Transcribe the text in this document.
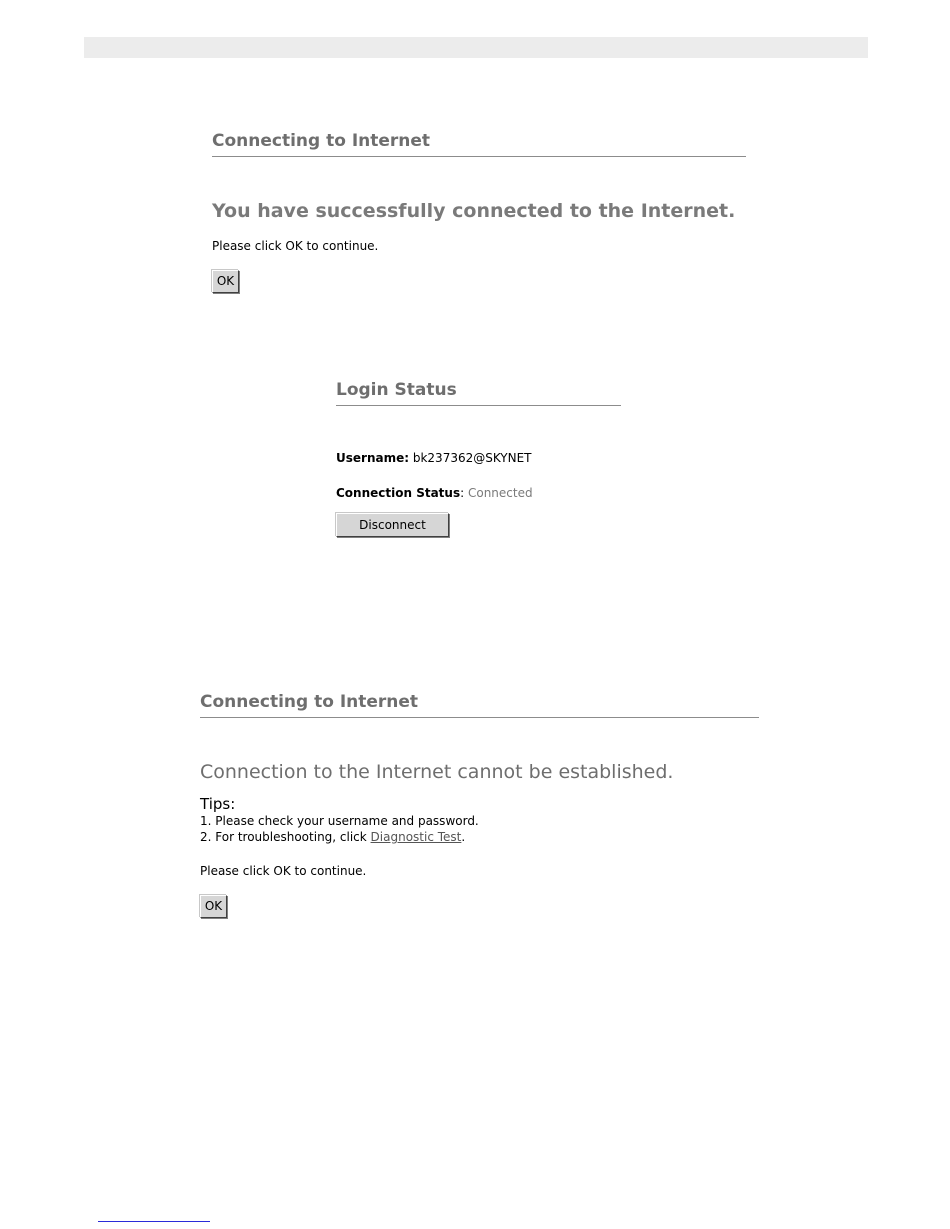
Connecting to Internet
You have successfully connected to the Internet.
Please click OK to continue.
OK
Login Status
Username: bk237362@SKYNET
Connection Status: Connected
Disconnect
Connecting to Internet
Connection to the Internet cannot be established.
Tips:
1. Please check your username and password.
2. For troubleshooting, click Diagnostic Test.
Please click OK to continue.
OK
